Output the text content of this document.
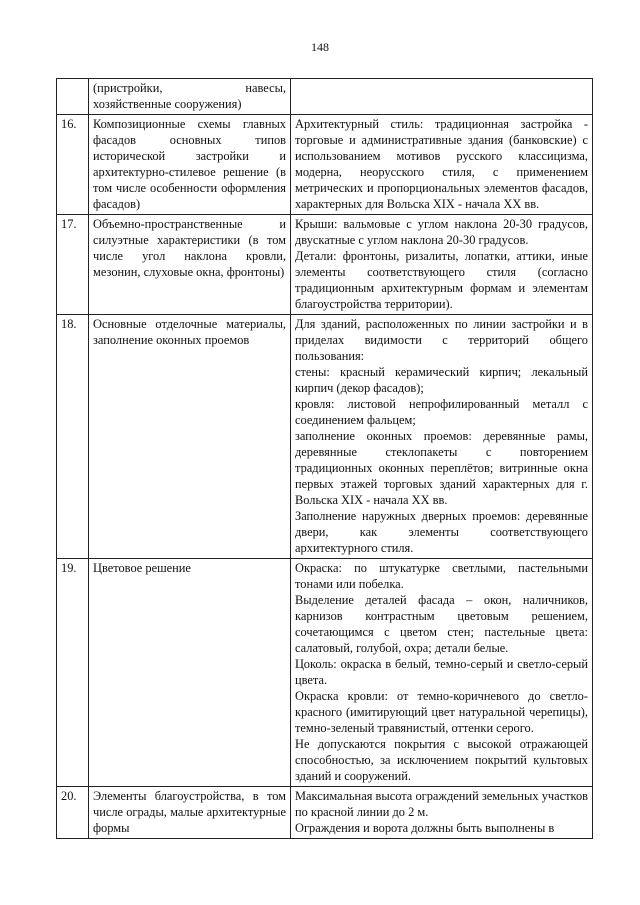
148
	(пристройки, навесы, хозяйственные сооружения)	
16.	Композиционные схемы главных фасадов основных типов исторической застройки и архитектурно-стилевое решение (в том числе особенности оформления фасадов)	Архитектурный стиль: традиционная застройка - торговые и административные здания (банковские) с использованием мотивов русского классицизма, модерна, неорусского стиля, с применением метрических и пропорциональных элементов фасадов, характерных для Вольска XIX - начала XX вв.

17.	Объемно-пространственные и силуэтные характеристики (в том числе угол наклона кровли, мезонин, слуховые окна, фронтоны)	Крыши: вальмовые с углом наклона 20-30 градусов, двускатные с углом наклона 20-30 градусов.
Детали: фронтоны, ризалиты, лопатки, аттики, иные элементы соответствующего стиля (согласно традиционным архитектурным формам и элементам благоустройства территории).

18.	Основные отделочные материалы, заполнение оконных проемов	Для зданий, расположенных по линии застройки и в приделах видимости с территорий общего пользования:
стены: красный керамический кирпич; лекальный кирпич (декор фасадов);
кровля: листовой непрофилированный металл с соединением фальцем;
заполнение оконных проемов: деревянные рамы, деревянные стеклопакеты с повторением традиционных оконных переплётов; витринные окна первых этажей торговых зданий характерных для г. Вольска XIX - начала XX вв.
Заполнение наружных дверных проемов: деревянные двери, как элементы соответствующего архитектурного стиля.

19.	Цветовое решение	Окраска: по штукатурке светлыми, пастельными тонами или побелка.
Выделение деталей фасада – окон, наличников, карнизов контрастным цветовым решением, сочетающимся с цветом стен; пастельные цвета: салатовый, голубой, охра; детали белые.
Цоколь: окраска в белый, темно-серый и светло-серый цвета.
Окраска кровли: от темно-коричневого до светло-красного (имитирующий цвет натуральной черепицы), темно-зеленый травянистый, оттенки серого.
Не допускаются покрытия с высокой отражающей способностью, за исключением покрытий культовых зданий и сооружений.

20.	Элементы благоустройства, в том числе ограды, малые архитектурные формы	Максимальная высота ограждений земельных участков по красной линии до 2 м.
Ограждения и ворота должны быть выполнены в
